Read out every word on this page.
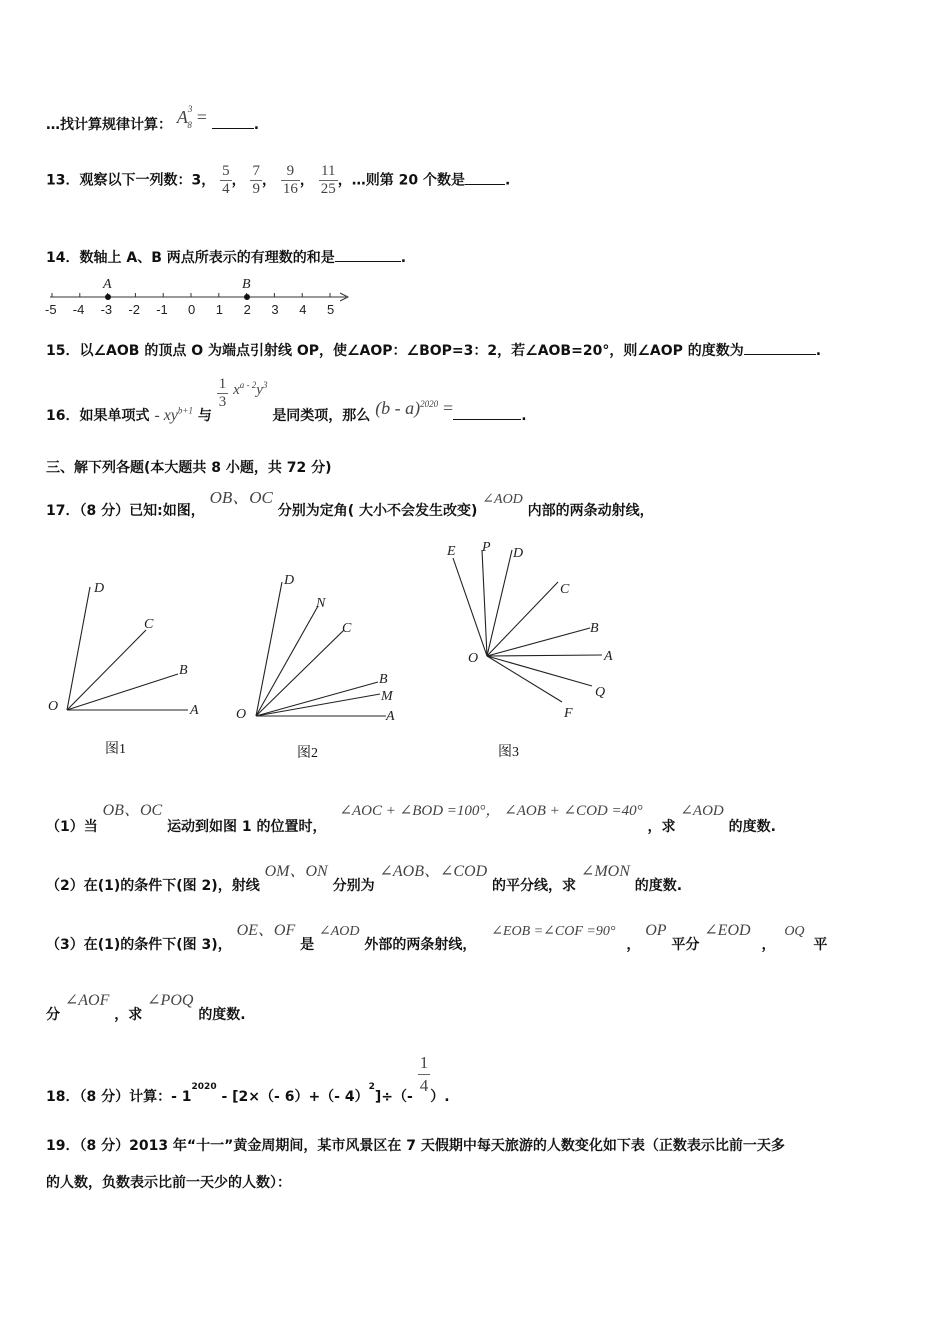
…找计算规律计算： $A^3_8$ =	.
13．观察以下一列数：3， $\frac{5}{4}$ ， $\frac{7}{9}$ ， $\frac{9}{16}$ ， $\frac{11}{25}$ ，…则第 20 个数是	.
14．数轴上 A、B 两点所表示的有理数的和是	.
-5 -4 -3 -2 -1 0 1 2 3 4 5
A	B
15．以∠AOB 的顶点 O 为端点引射线 OP，使∠AOP：∠BOP=3：2，若∠AOB=20°，则∠AOP 的度数为	.
16．如果单项式 - $xy^{b+1}$ 与
$\frac{1}{3} x^{a - 2}y^3$ 是同类项，那么 (b - a)$^{2020}$ =	.
三、解下列各题(本大题共 8 小题，共 72 分)
17．（8 分）已知:如图， OB、OC 分别为定角( 大小不会发生改变) ∠AOD 内部的两条动射线，
O	A
B
C
D
图1
O	A
M
B
C
N
D
图2
O
E P D
C
B
A
Q
F
图3
（1）当 OB、OC 运动到如图 1 的位置时， ∠AOC + ∠BOD =100°， ∠AOB + ∠COD =40° ，求 ∠AOD 的度数.
（2）在(1)的条件下(图 2)，射线 OM、ON 分别为 ∠AOB、∠COD 的平分线，求 ∠MON 的度数.
（3）在(1)的条件下(图 3)， OE、OF 是 ∠AOD 外部的两条射线， ∠EOB =∠COF =90° ， OP 平分 ∠EOD ， OQ 平
分 ∠AOF ，求 ∠POQ 的度数.
18．（8 分）计算：- $1^{2020} - [2\times(-$ 6）+（- $4)^2]\div(- \frac{1}{4}$ ）.
19．（8 分）2013 年“十一”黄金周期间，某市风景区在 7 天假期中每天旅游的人数变化如下表（正数表示比前一天多
的人数，负数表示比前一天少的人数）：
